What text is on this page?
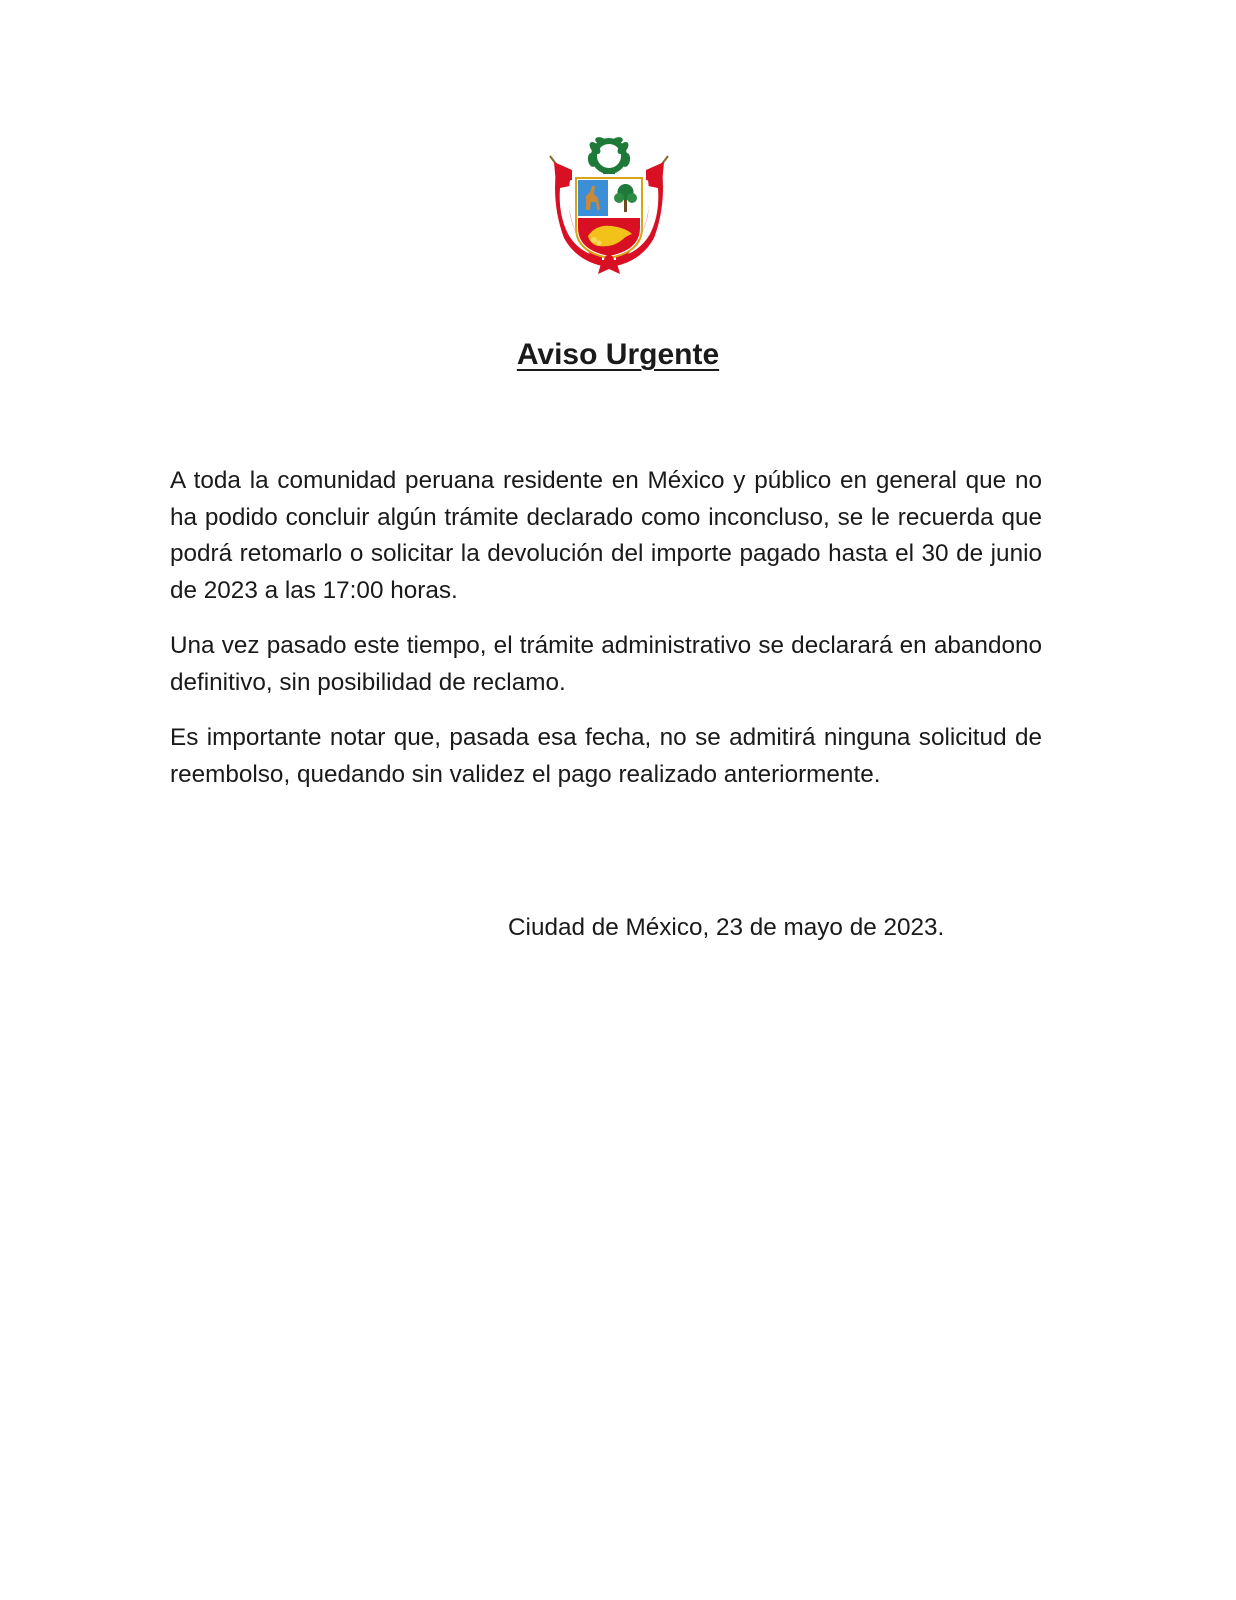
Aviso Urgente

A toda la comunidad peruana residente en México y público en general que no ha podido concluir algún trámite declarado como inconcluso, se le recuerda que podrá retomarlo o solicitar la devolución del importe pagado hasta el 30 de junio de 2023 a las 17:00 horas.

Una vez pasado este tiempo, el trámite administrativo se declarará en abandono definitivo, sin posibilidad de reclamo.

Es importante notar que, pasada esa fecha, no se admitirá ninguna solicitud de reembolso, quedando sin validez el pago realizado anteriormente.

Ciudad de México, 23 de mayo de 2023.
